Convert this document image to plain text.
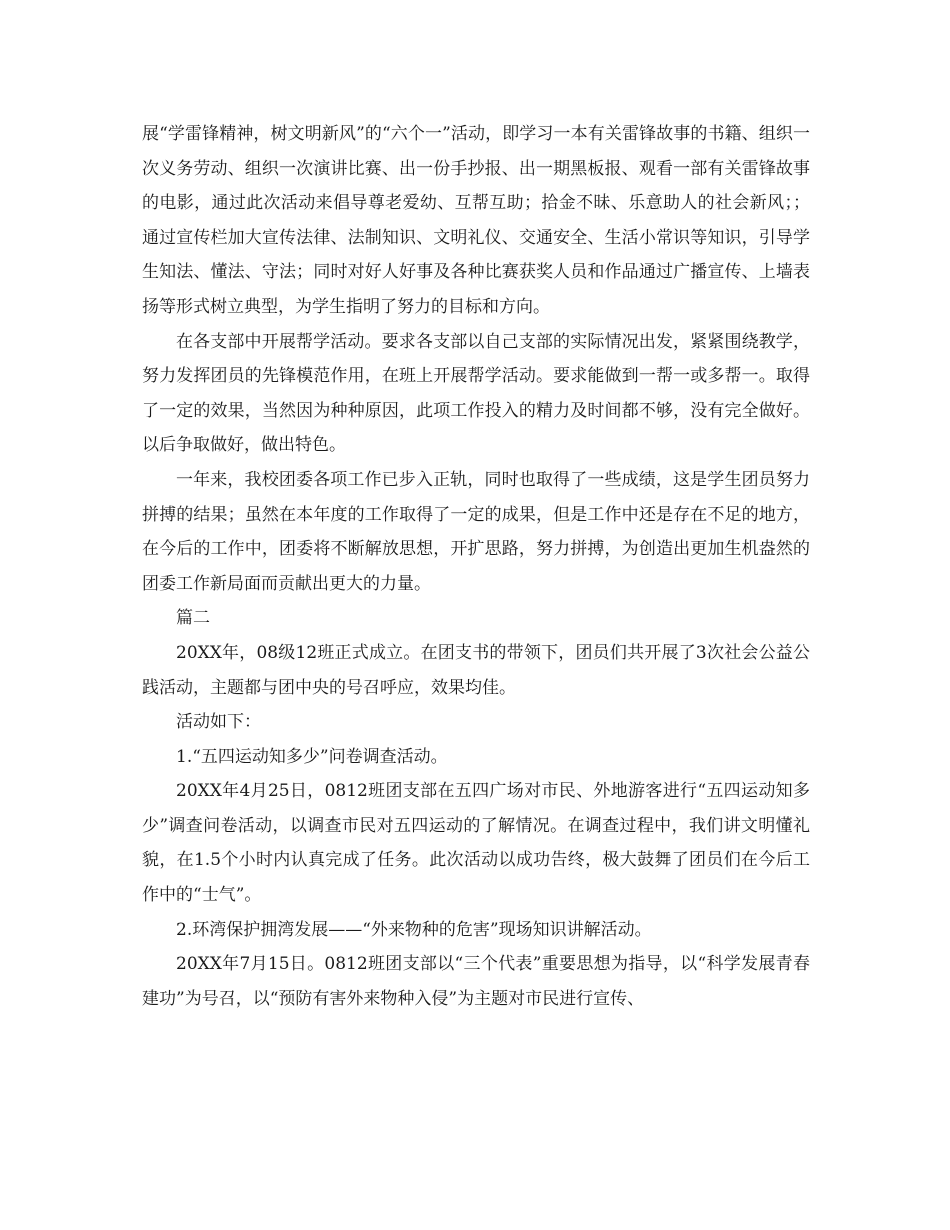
展“学雷锋精神，树文明新风”的“六个一”活动，即学习一本有关雷锋故事的书籍、组织一次义务劳动、组织一次演讲比赛、出一份手抄报、出一期黑板报、观看一部有关雷锋故事的电影，通过此次活动来倡导尊老爱幼、互帮互助；拾金不昧、乐意助人的社会新风；；通过宣传栏加大宣传法律、法制知识、文明礼仪、交通安全、生活小常识等知识，引导学生知法、懂法、守法；同时对好人好事及各种比赛获奖人员和作品通过广播宣传、上墙表扬等形式树立典型，为学生指明了努力的目标和方向。

在各支部中开展帮学活动。要求各支部以自己支部的实际情况出发，紧紧围绕教学，努力发挥团员的先锋模范作用，在班上开展帮学活动。要求能做到一帮一或多帮一。取得了一定的效果，当然因为种种原因，此项工作投入的精力及时间都不够，没有完全做好。以后争取做好，做出特色。

一年来，我校团委各项工作已步入正轨，同时也取得了一些成绩，这是学生团员努力拼搏的结果；虽然在本年度的工作取得了一定的成果，但是工作中还是存在不足的地方，在今后的工作中，团委将不断解放思想，开扩思路，努力拼搏，为创造出更加生机盎然的团委工作新局面而贡献出更大的力量。

篇二

20XX年，08级12班正式成立。在团支书的带领下，团员们共开展了3次社会公益公践活动，主题都与团中央的号召呼应，效果均佳。

活动如下：

1.“五四运动知多少”问卷调查活动。

20XX年4月25日，0812班团支部在五四广场对市民、外地游客进行“五四运动知多少”调查问卷活动，以调查市民对五四运动的了解情况。在调查过程中，我们讲文明懂礼貌，在1.5个小时内认真完成了任务。此次活动以成功告终，极大鼓舞了团员们在今后工作中的“士气”。

2.环湾保护拥湾发展——“外来物种的危害”现场知识讲解活动。

20XX年7月15日。0812班团支部以“三个代表”重要思想为指导，以“科学发展青春建功”为号召，以“预防有害外来物种入侵”为主题对市民进行宣传、
